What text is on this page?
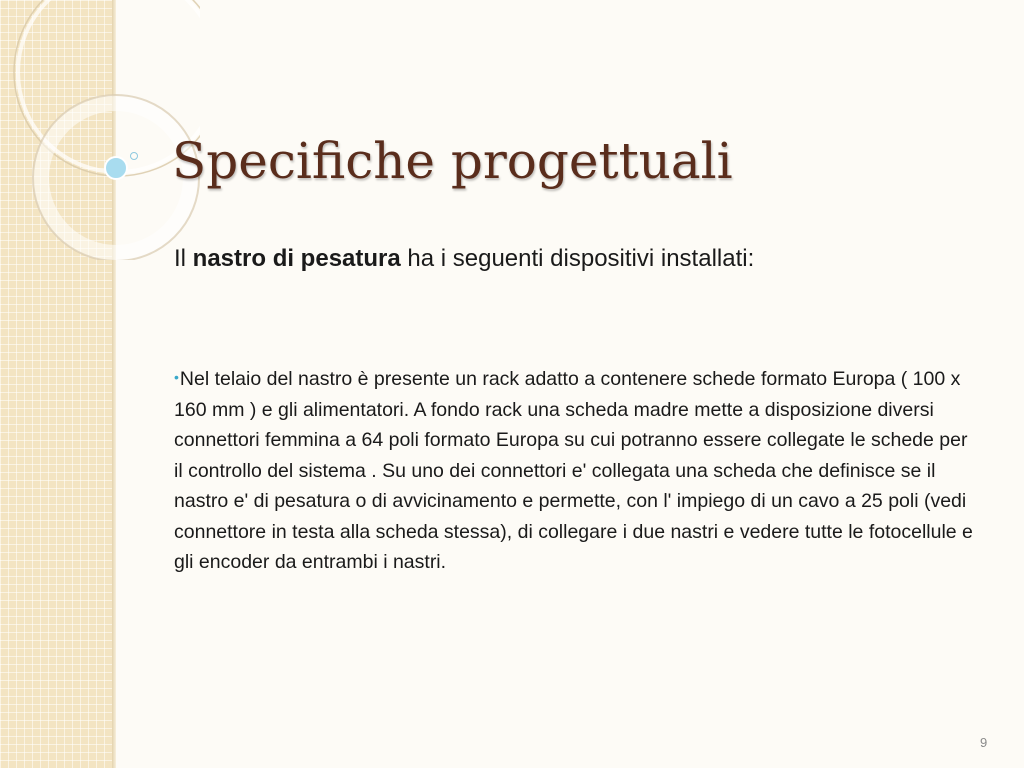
Specifiche progettuali

Il nastro di pesatura ha i seguenti dispositivi installati:

•Nel telaio del nastro è presente un rack adatto a contenere schede formato Europa ( 100 x 160 mm ) e gli alimentatori. A fondo rack una scheda madre mette a disposizione diversi connettori femmina a 64 poli formato Europa su cui potranno essere collegate le schede per il controllo del sistema . Su uno dei connettori e' collegata una scheda che definisce se il nastro e' di pesatura o di avvicinamento e permette, con l' impiego di un cavo a 25 poli (vedi connettore in testa alla scheda stessa), di collegare i due nastri e vedere tutte le fotocellule e gli encoder da entrambi i nastri.

9
